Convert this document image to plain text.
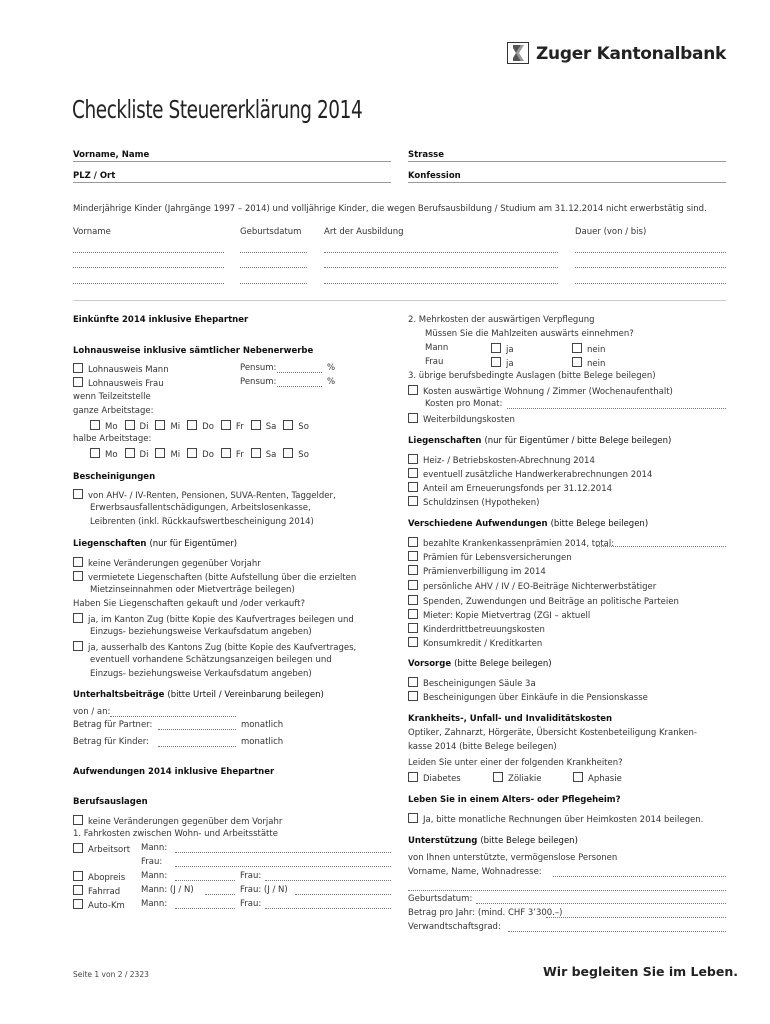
Zuger Kantonalbank
Checkliste Steuererklärung 2014
Vorname, Name	Strasse
PLZ / Ort	Konfession
Minderjährige Kinder (Jahrgänge 1997 – 2014) und volljährige Kinder, die wegen Berufsausbildung / Studium am 31.12.2014 nicht erwerbstätig sind.
Vorname	Geburtsdatum	Art der Ausbildung	Dauer (von / bis)
Einkünfte 2014 inklusive Ehepartner
Lohnausweise inklusive sämtlicher Nebenerwerbe
Lohnausweis Mann	Pensum:	%
Lohnausweis Frau	Pensum:	%
wenn Teilzeitstelle
ganze Arbeitstage:
Mo	Di	Mi	Do	Fr	Sa	So
halbe Arbeitstage:
Mo	Di	Mi	Do	Fr	Sa	So
Bescheinigungen
von AHV- / IV-Renten, Pensionen, SUVA-Renten, Taggelder,
Erwerbsausfallentschädigungen, Arbeitslosenkasse,
Leibrenten (inkl. Rückkaufswertbescheinigung 2014)
Liegenschaften (nur für Eigentümer)
keine Veränderungen gegenüber Vorjahr
vermietete Liegenschaften (bitte Aufstellung über die erzielten
Mietzinseinnahmen oder Mietverträge beilegen)
Haben Sie Liegenschaften gekauft und /oder verkauft?
ja, im Kanton Zug (bitte Kopie des Kaufvertrages beilegen und
Einzugs- beziehungsweise Verkaufsdatum angeben)
ja, ausserhalb des Kantons Zug (bitte Kopie des Kaufvertrages,
eventuell vorhandene Schätzungsanzeigen beilegen und
Einzugs- beziehungsweise Verkaufsdatum angeben)
Unterhaltsbeiträge (bitte Urteil / Vereinbarung beilegen)
von / an:
Betrag für Partner:	monatlich
Betrag für Kinder:	monatlich
Aufwendungen 2014 inklusive Ehepartner
Berufsauslagen
keine Veränderungen gegenüber dem Vorjahr
1. Fahrkosten zwischen Wohn- und Arbeitsstätte
Arbeitsort Mann:
Frau:
Abopreis Mann:	Frau:
Fahrrad Mann: (J / N)	Frau: (J / N)
Auto-Km Mann:	Frau:
2. Mehrkosten der auswärtigen Verpflegung
Müssen Sie die Mahlzeiten auswärts einnehmen?
Mann	ja	nein
Frau	ja	nein
3. übrige berufsbedingte Auslagen (bitte Belege beilegen)
Kosten auswärtige Wohnung / Zimmer (Wochenaufenthalt)
Kosten pro Monat:
Weiterbildungskosten
Liegenschaften (nur für Eigentümer / bitte Belege beilegen)
Heiz- / Betriebskosten-Abrechnung 2014
eventuell zusätzliche Handwerkerabrechnungen 2014
Anteil am Erneuerungsfonds per 31.12.2014
Schuldzinsen (Hypotheken)
Verschiedene Aufwendungen (bitte Belege beilegen)
bezahlte Krankenkassenprämien 2014, total:
Prämien für Lebensversicherungen
Prämienverbilligung im 2014
persönliche AHV / IV / EO-Beiträge Nichterwerbstätiger
Spenden, Zuwendungen und Beiträge an politische Parteien
Mieter: Kopie Mietvertrag (ZGI – aktuell
Kinderdrittbetreuungskosten
Konsumkredit / Kreditkarten
Vorsorge (bitte Belege beilegen)
Bescheinigungen Säule 3a
Bescheinigungen über Einkäufe in die Pensionskasse
Krankheits-, Unfall- und Invaliditätskosten
Optiker, Zahnarzt, Hörgeräte, Übersicht Kostenbeteiligung Kranken-
kasse 2014 (bitte Belege beilegen)
Leiden Sie unter einer der folgenden Krankheiten?
Diabetes	Zöliakie	Aphasie
Leben Sie in einem Alters- oder Pflegeheim?
Ja, bitte monatliche Rechnungen über Heimkosten 2014 beilegen.
Unterstützung (bitte Belege beilegen)
von Ihnen unterstützte, vermögenslose Personen
Vorname, Name, Wohnadresse:
Geburtsdatum:
Betrag pro Jahr: (mind. CHF 3’300.–)
Verwandtschaftsgrad:
Seite 1 von 2 / 2323	Wir begleiten Sie im Leben.
